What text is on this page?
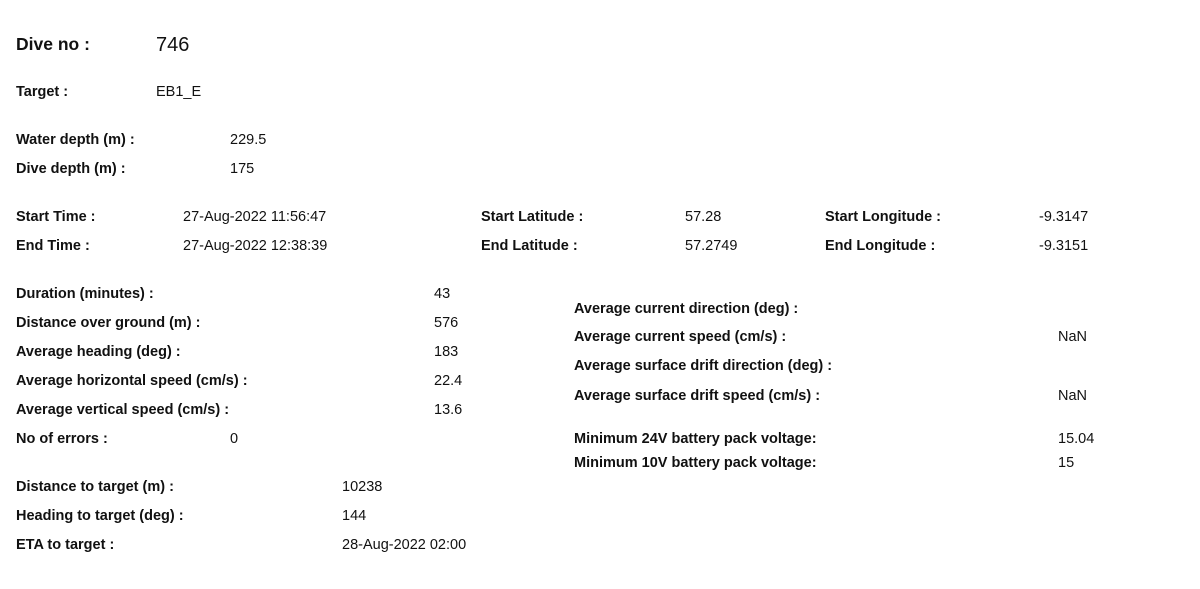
Dive no :	746
Target :	EB1_E
Water depth (m) :	229.5
Dive depth (m) :	175
Start Time :	27-Aug-2022 11:56:47
End Time :	27-Aug-2022 12:38:39
Start Latitude :	57.28
End Latitude :	57.2749
Start Longitude :	-9.3147
End Longitude :	-9.3151
Duration (minutes) :	43
Distance over ground (m) :	576
Average heading (deg) :	183
Average horizontal speed (cm/s) :	22.4
Average vertical speed (cm/s) :	13.6
No of errors :	0
Average current direction (deg) :
Average current speed (cm/s) :	NaN
Average surface drift direction (deg) :
Average surface drift speed (cm/s) :	NaN
Minimum 24V battery pack voltage:	15.04
Minimum 10V battery pack voltage:	15
Distance to target (m) :	10238
Heading to target (deg) :	144
ETA to target :	28-Aug-2022 02:00
